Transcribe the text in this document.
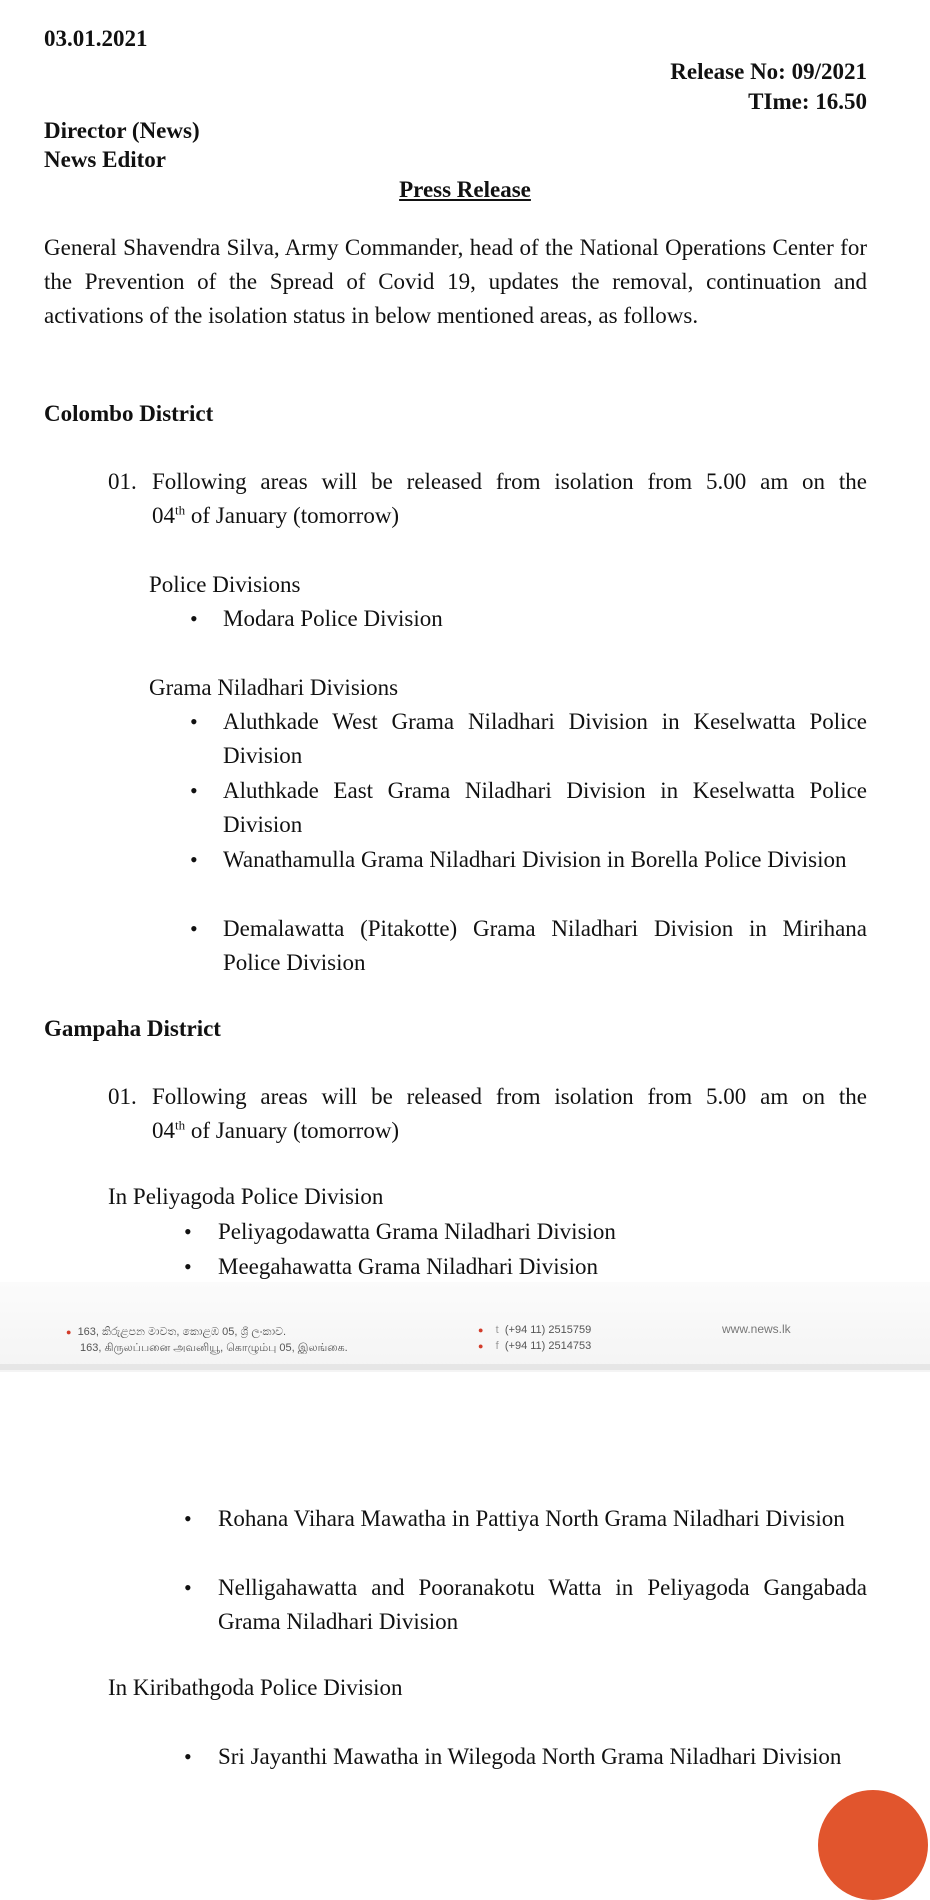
03.01.2021
Release No: 09/2021
TIme: 16.50
Director (News)
News Editor
Press Release
General Shavendra Silva, Army Commander, head of the National Operations Center for the Prevention of the Spread of Covid 19, updates the removal, continuation and activations of the isolation status in below mentioned areas, as follows.
Colombo District
01. Following areas will be released from isolation from 5.00 am on the
04th of January (tomorrow)
Police Divisions
• Modara Police Division
Grama Niladhari Divisions
• Aluthkade West Grama Niladhari Division in Keselwatta Police Division
• Aluthkade East Grama Niladhari Division in Keselwatta Police Division
• Wanathamulla Grama Niladhari Division in Borella Police Division
• Demalawatta (Pitakotte) Grama Niladhari Division in Mirihana Police Division
Gampaha District
01. Following areas will be released from isolation from 5.00 am on the
04th of January (tomorrow)
In Peliyagoda Police Division
• Peliyagodawatta Grama Niladhari Division
• Meegahawatta Grama Niladhari Division
● 163, කිරුළපන මාවත, කොළඹ 05, ශ්‍රී ලංකාව.
163, கிருலப்பனை அவனியூ, கொழும்பு 05, இலங்கை.
● t (+94 11) 2515759
● f (+94 11) 2514753
www.news.lk
• Rohana Vihara Mawatha in Pattiya North Grama Niladhari Division
• Nelligahawatta and Pooranakotu Watta in Peliyagoda Gangabada Grama Niladhari Division
In Kiribathgoda Police Division
• Sri Jayanthi Mawatha in Wilegoda North Grama Niladhari Division
